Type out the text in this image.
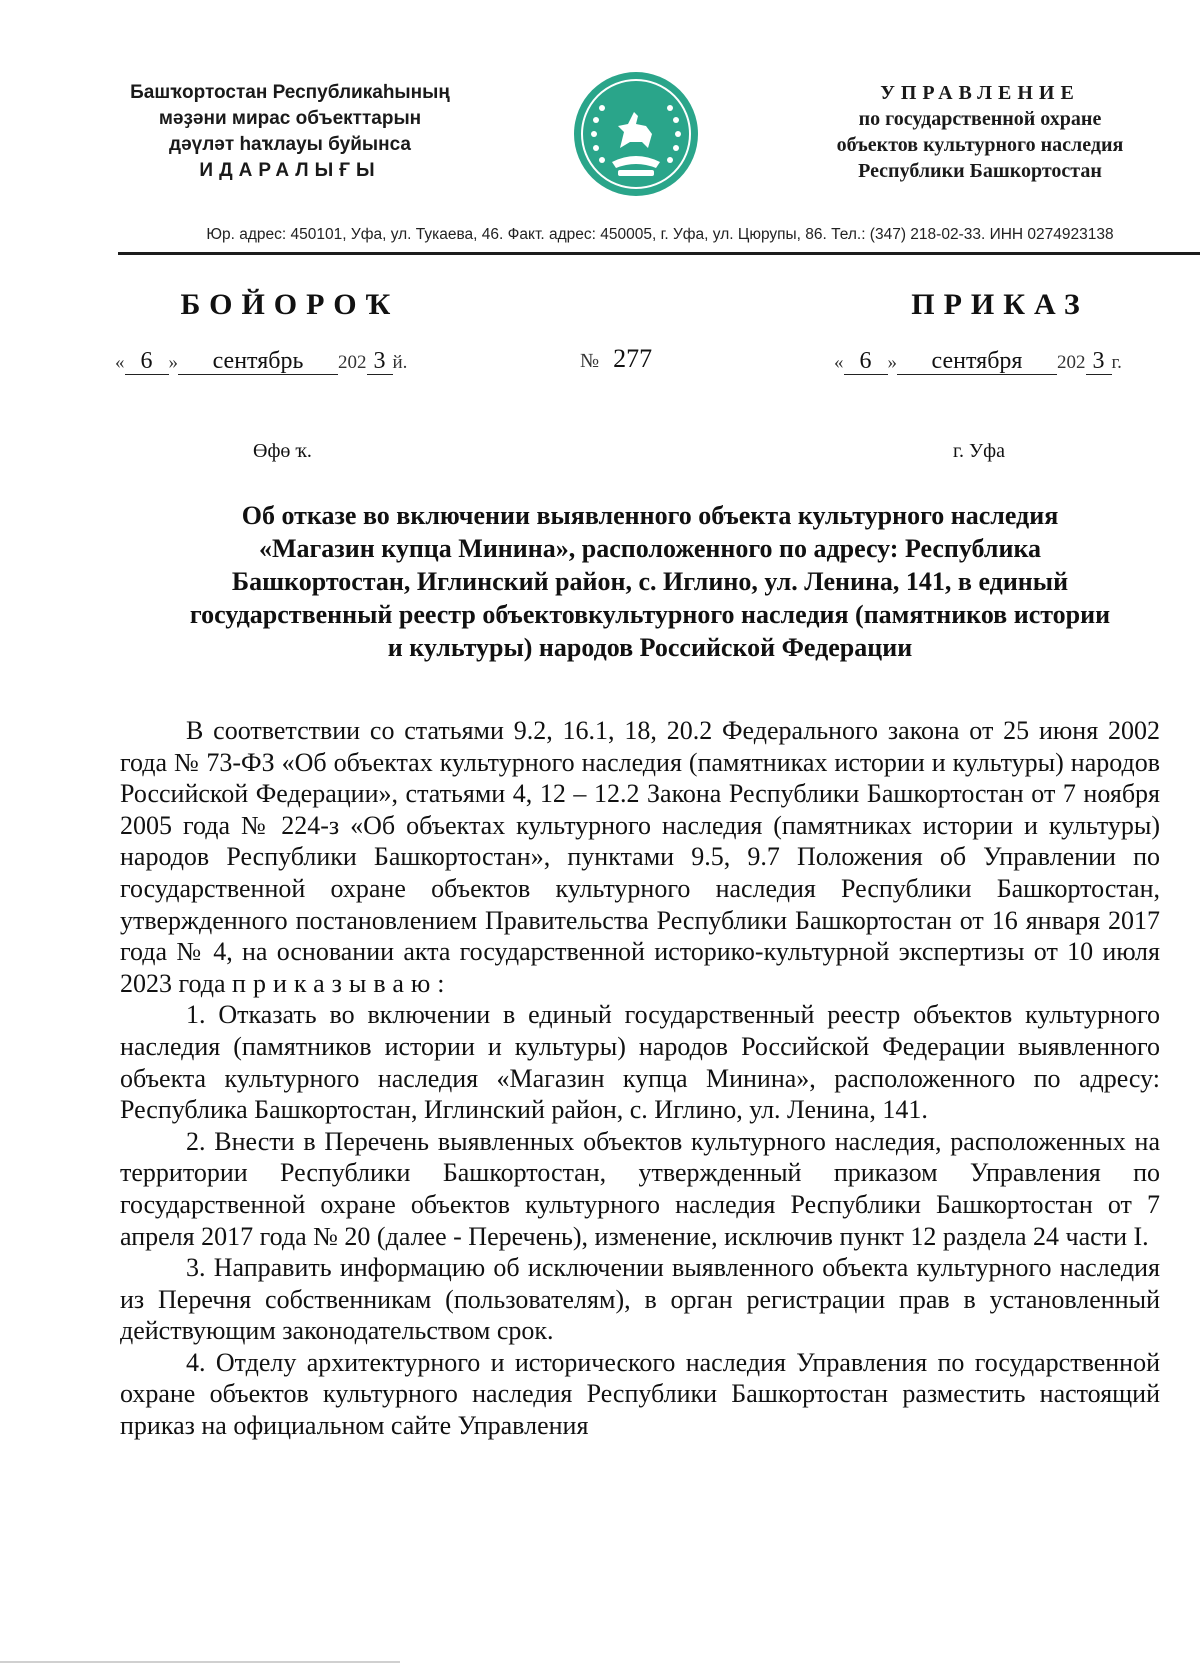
Башҡортостан Республикаһының
мәҙәни мирас объекттарын
дәүләт һаҡлауы буйынса
ИДАРАЛЫҒЫ
УПРАВЛЕНИЕ
по государственной охране
объектов культурного наследия
Республики Башкортостан
Юр. адрес: 450101, Уфа, ул. Тукаева, 46. Факт. адрес: 450005, г. Уфа, ул. Цюрупы, 86. Тел.: (347) 218-02-33. ИНН 0274923138
БОЙОРОҠ	ПРИКАЗ
« 6 » сентябрь 202 3 й.	№ 277	« 6 » сентября 202 3 г.
Өфө ҡ.	г. Уфа
Об отказе во включении выявленного объекта культурного наследия
«Магазин купца Минина», расположенного по адресу: Республика
Башкортостан, Иглинский район, с. Иглино, ул. Ленина, 141, в единый
государственный реестр объектовкультурного наследия (памятников истории
и культуры) народов Российской Федерации

В соответствии со статьями 9.2, 16.1, 18, 20.2 Федерального закона от 25 июня 2002 года № 73-ФЗ «Об объектах культурного наследия (памятниках истории и культуры) народов Российской Федерации», статьями 4, 12 – 12.2 Закона Республики Башкортостан от 7 ноября 2005 года № 224-з «Об объектах культурного наследия (памятниках истории и культуры) народов Республики Башкортостан», пунктами 9.5, 9.7 Положения об Управлении по государственной охране объектов культурного наследия Республики Башкортостан, утвержденного постановлением Правительства Республики Башкортостан от 16 января 2017 года № 4, на основании акта государственной историко-культурной экспертизы от 10 июля 2023 года приказываю:

1. Отказать во включении в единый государственный реестр объектов культурного наследия (памятников истории и культуры) народов Российской Федерации выявленного объекта культурного наследия «Магазин купца Минина», расположенного по адресу: Республика Башкортостан, Иглинский район, с. Иглино, ул. Ленина, 141.

2. Внести в Перечень выявленных объектов культурного наследия, расположенных на территории Республики Башкортостан, утвержденный приказом Управления по государственной охране объектов культурного наследия Республики Башкортостан от 7 апреля 2017 года № 20 (далее - Перечень), изменение, исключив пункт 12 раздела 24 части I.

3. Направить информацию об исключении выявленного объекта культурного наследия из Перечня собственникам (пользователям), в орган регистрации прав в установленный действующим законодательством срок.

4. Отделу архитектурного и исторического наследия Управления по государственной охране объектов культурного наследия Республики Башкортостан разместить настоящий приказ на официальном сайте Управления
